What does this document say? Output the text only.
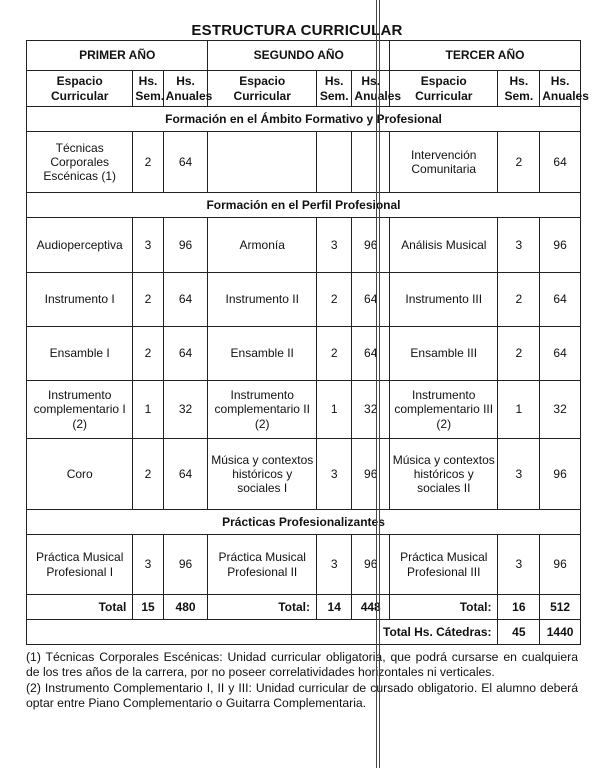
ESTRUCTURA CURRICULAR
PRIMER AÑO			SEGUNDO AÑO			TERCER AÑO		
Espacio Curricular	Hs. Sem.	Hs. Anuales	Espacio Curricular	Hs. Sem.	Hs. Anuales	Espacio Curricular	Hs. Sem.	Hs. Anuales
Formación en el Ámbito Formativo y Profesional								
Técnicas Corporales Escénicas (1)	2	64				Intervención Comunitaria	2	64
Formación en el Perfil Profesional								
Audioperceptiva	3	96	Armonía	3	96	Análisis Musical	3	96
Instrumento I	2	64	Instrumento II	2	64	Instrumento III	2	64
Ensamble I	2	64	Ensamble II	2	64	Ensamble III	2	64
Instrumento complementario I (2)	1	32	Instrumento complementario II (2)	1	32	Instrumento complementario III (2)	1	32
Coro	2	64	Música y contextos históricos y sociales I	3	96	Música y contextos históricos y sociales II	3	96
Prácticas Profesionalizantes								
Práctica Musical Profesional I	3	96	Práctica Musical Profesional II	3	96	Práctica Musical Profesional III	3	96
Total	15	480	Total:	14	448	Total:	16	512
Total Hs. Cátedras:							45	1440

(1) Técnicas Corporales Escénicas: Unidad curricular obligatoria, que podrá cursarse en cualquiera de los tres años de la carrera, por no poseer correlatividades horizontales ni verticales.

(2) Instrumento Complementario I, II y III: Unidad curricular de cursado obligatorio. El alumno deberá optar entre Piano Complementario o Guitarra Complementaria.
